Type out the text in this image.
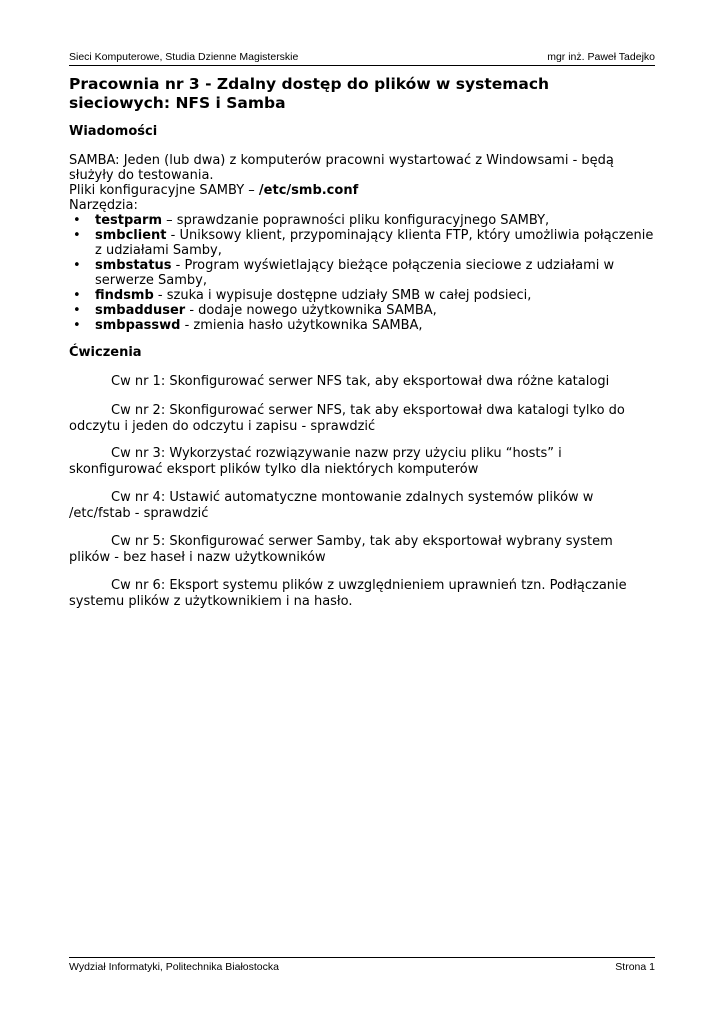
Sieci Komputerowe, Studia Dzienne Magisterskie	mgr inż. Paweł Tadejko
Pracownia nr 3 - Zdalny dostęp do plików w systemach sieciowych: NFS i Samba
Wiadomości

SAMBA: Jeden (lub dwa) z komputerów pracowni wystartować z Windowsami - będą służyły do testowania.

Pliki konfiguracyjne SAMBY – /etc/smb.conf

Narzędzia:

• testparm – sprawdzanie poprawności pliku konfiguracyjnego SAMBY,
• smbclient - Uniksowy klient, przypominający klienta FTP, który umożliwia połączenie z udziałami Samby,
• smbstatus - Program wyświetlający bieżące połączenia sieciowe z udziałami w serwerze Samby,
• findsmb - szuka i wypisuje dostępne udziały SMB w całej podsieci,
• smbadduser - dodaje nowego użytkownika SAMBA,
• smbpasswd - zmienia hasło użytkownika SAMBA,
Ćwiczenia

Cw nr 1: Skonfigurować serwer NFS tak, aby eksportował dwa różne katalogi

Cw nr 2: Skonfigurować serwer NFS, tak aby eksportował dwa katalogi tylko do odczytu i jeden do odczytu i zapisu - sprawdzić

Cw nr 3: Wykorzystać rozwiązywanie nazw przy użyciu pliku “hosts” i skonfigurować eksport plików tylko dla niektórych komputerów

Cw nr 4: Ustawić automatyczne montowanie zdalnych systemów plików w /etc/fstab - sprawdzić

Cw nr 5: Skonfigurować serwer Samby, tak aby eksportował wybrany system plików - bez haseł i nazw użytkowników

Cw nr 6: Eksport systemu plików z uwzględnieniem uprawnień tzn. Podłączanie systemu plików z użytkownikiem i na hasło.

Wydział Informatyki, Politechnika Białostocka	Strona 1
